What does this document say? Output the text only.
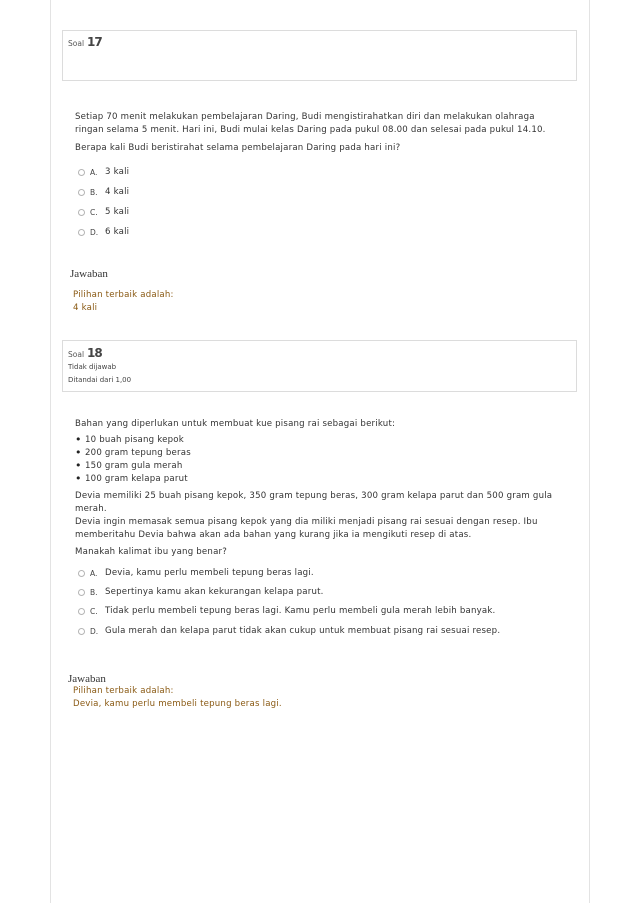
Soal 17

Setiap 70 menit melakukan pembelajaran Daring, Budi mengistirahatkan diri dan melakukan olahraga ringan selama 5 menit. Hari ini, Budi mulai kelas Daring pada pukul 08.00 dan selesai pada pukul 14.10.

Berapa kali Budi beristirahat selama pembelajaran Daring pada hari ini?

A. 3 kali
B. 4 kali
C. 5 kali
D. 6 kali
Jawaban

Pilihan terbaik adalah:

4 kali

Soal 18
Tidak dijawab
Ditandai dari 1,00

Bahan yang diperlukan untuk membuat kue pisang rai sebagai berikut:

• 10 buah pisang kepok
• 200 gram tepung beras
• 150 gram gula merah
• 100 gram kelapa parut

Devia memiliki 25 buah pisang kepok, 350 gram tepung beras, 300 gram kelapa parut dan 500 gram gula merah.

Devia ingin memasak semua pisang kepok yang dia miliki menjadi pisang rai sesuai dengan resep. Ibu

memberitahu Devia bahwa akan ada bahan yang kurang jika ia mengikuti resep di atas.

Manakah kalimat ibu yang benar?

A. Devia, kamu perlu membeli tepung beras lagi.
B. Sepertinya kamu akan kekurangan kelapa parut.
C. Tidak perlu membeli tepung beras lagi. Kamu perlu membeli gula merah lebih banyak.
D. Gula merah dan kelapa parut tidak akan cukup untuk membuat pisang rai sesuai resep.
Jawaban

Pilihan terbaik adalah:

Devia, kamu perlu membeli tepung beras lagi.
